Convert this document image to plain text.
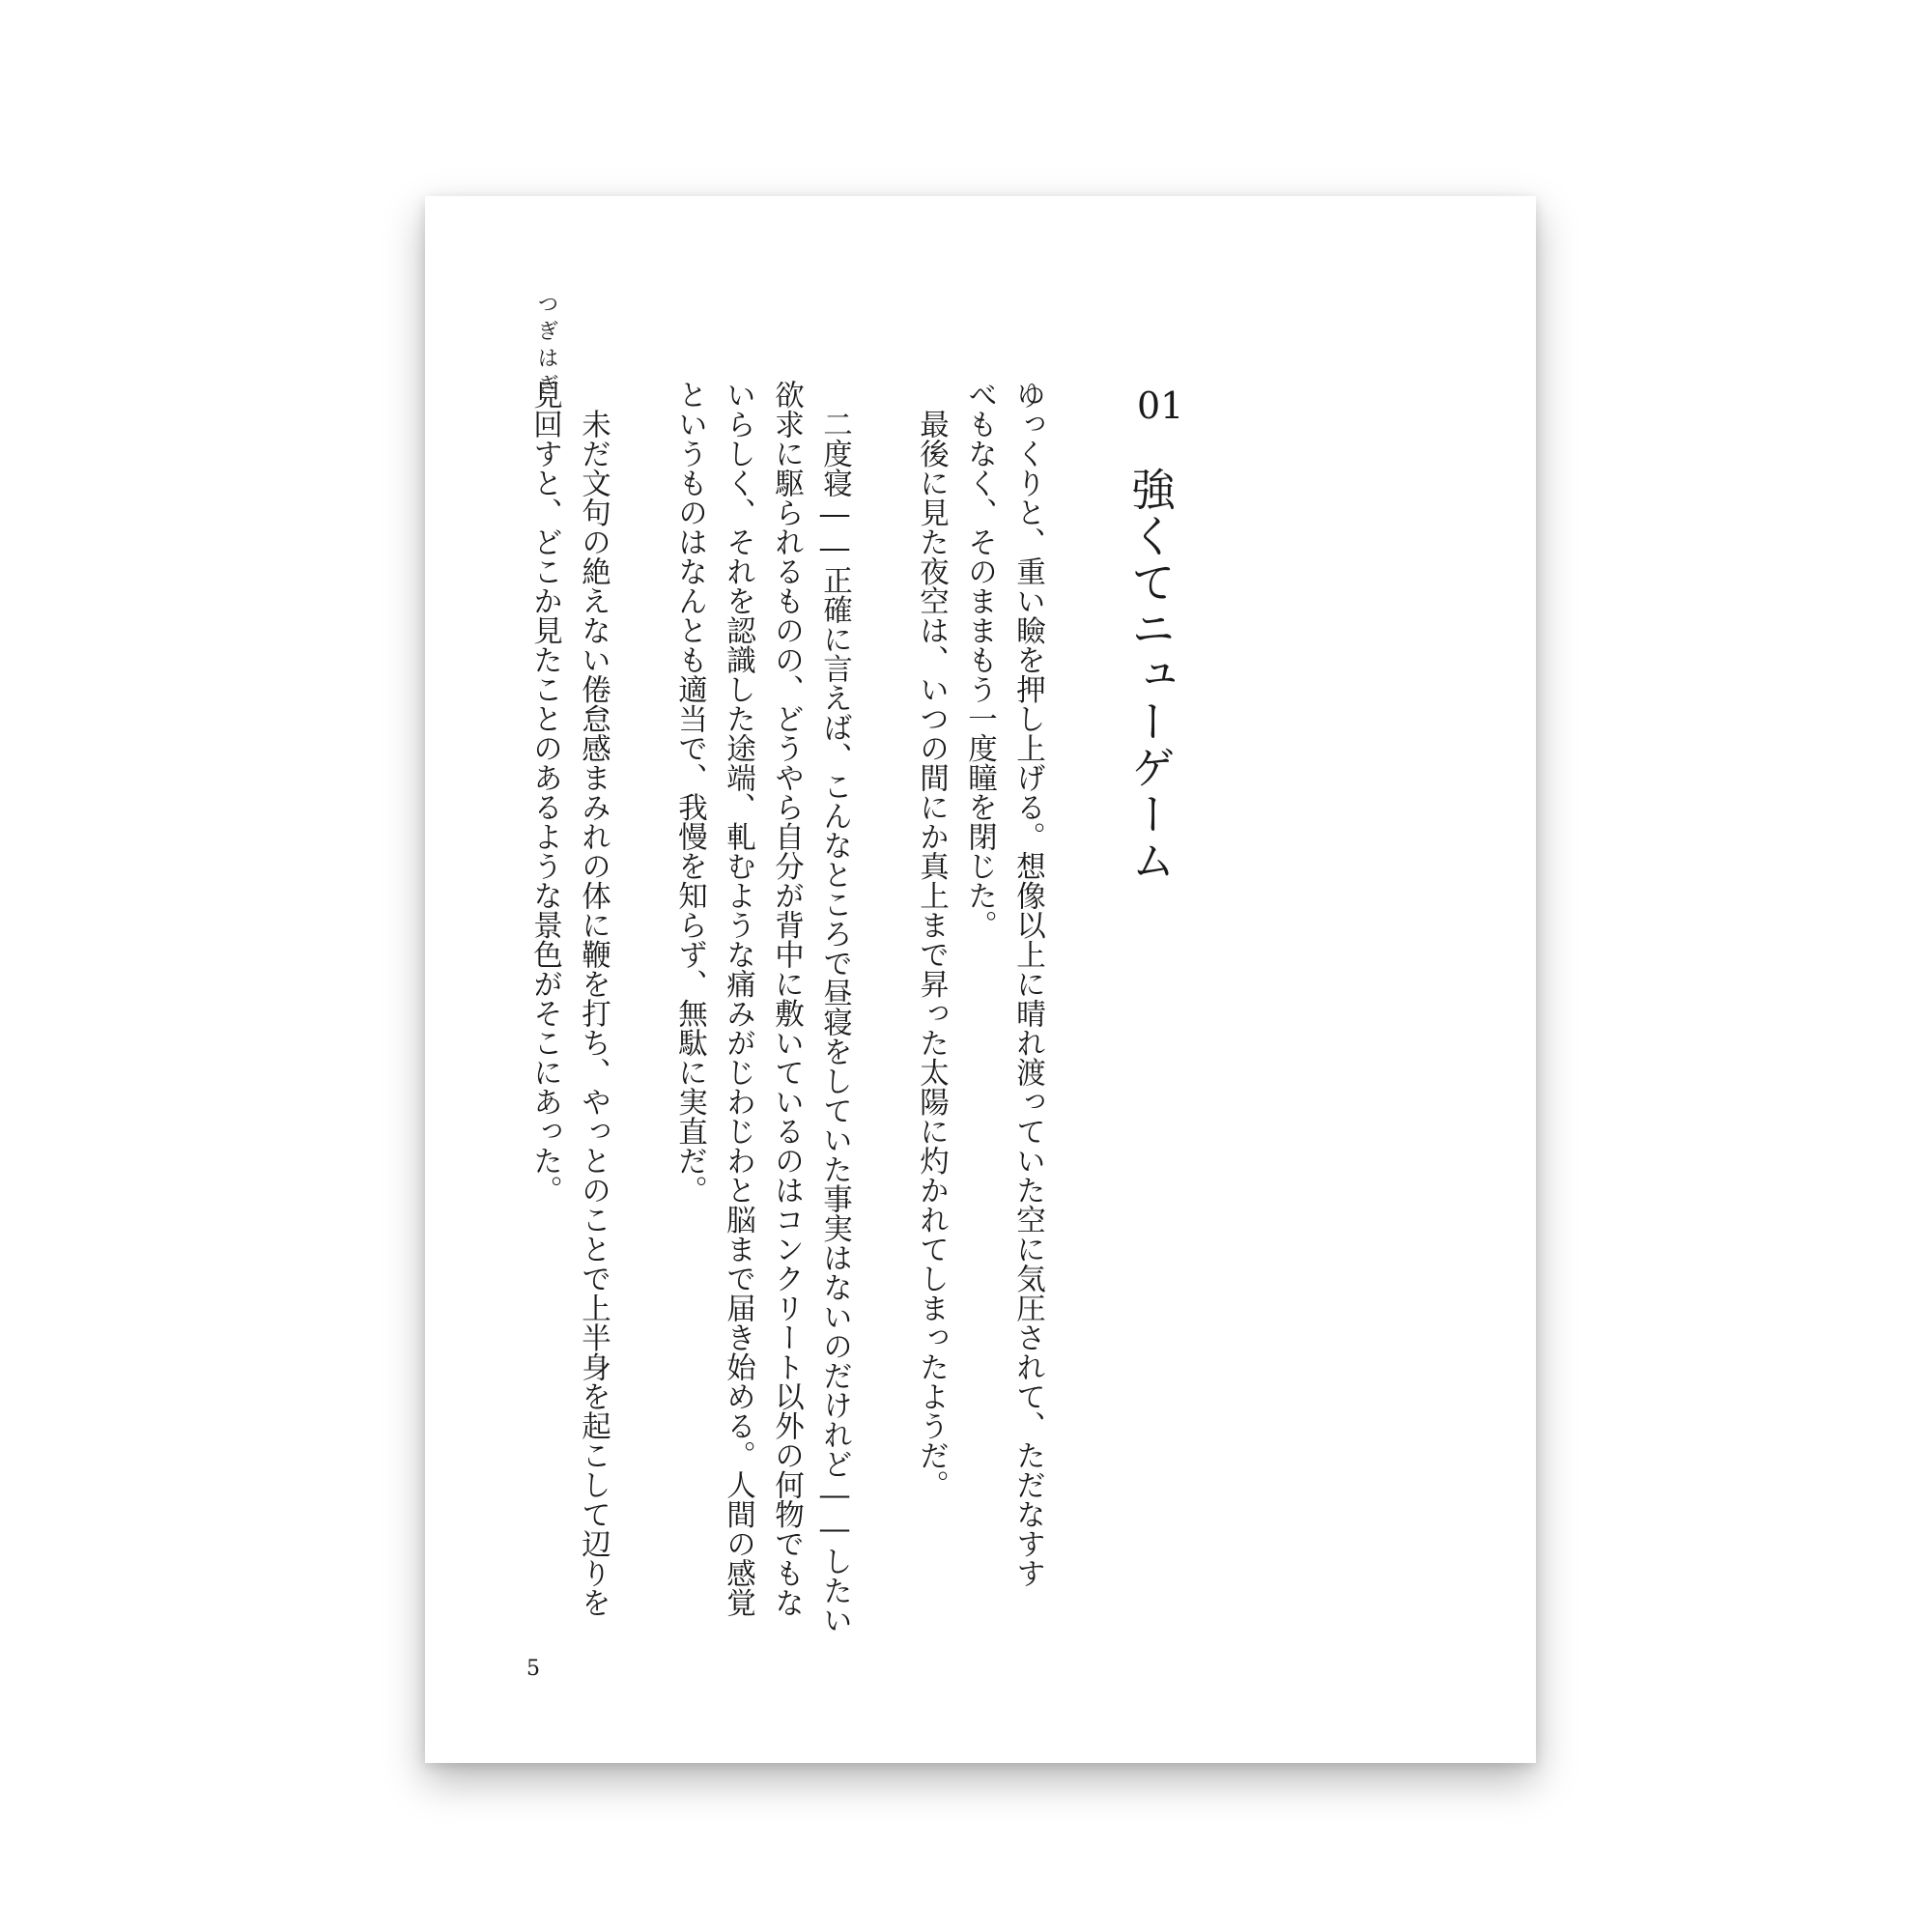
つぎはぎ
01
強くてニューゲーム
ゆっくりと、重い瞼を押し上げる。想像以上に晴れ渡っていた空に気圧されて、ただなすす
べもなく、そのままもう一度瞳を閉じた。
　最後に見た夜空は、いつの間にか真上まで昇った太陽に灼かれてしまったようだ。
　二度寝――正確に言えば、こんなところで昼寝をしていた事実はないのだけれど――したい
欲求に駆られるものの、どうやら自分が背中に敷いているのはコンクリート以外の何物でもな
いらしく、それを認識した途端、軋むような痛みがじわじわと脳まで届き始める。人間の感覚
というものはなんとも適当で、我慢を知らず、無駄に実直だ。
　未だ文句の絶えない倦怠感まみれの体に鞭を打ち、やっとのことで上半身を起こして辺りを
見回すと、どこか見たことのあるような景色がそこにあった。
5
